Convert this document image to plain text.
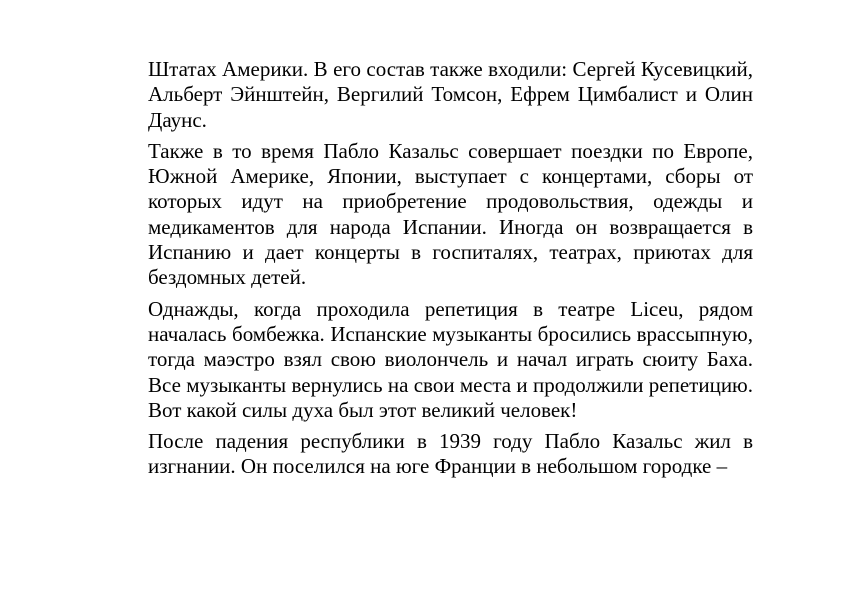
Штатах Америки. В его состав также входили: Сергей Кусевицкий, Альберт Эйнштейн, Вергилий Томсон, Ефрем Цимбалист и Олин Даунс.

Также в то время Пабло Казальс совершает поездки по Европе, Южной Америке, Японии, выступает с концертами, сборы от которых идут на приобретение продовольствия, одежды и медикаментов для народа Испании. Иногда он возвращается в Испанию и дает концерты в госпиталях, театрах, приютах для бездомных детей.

Однажды, когда проходила репетиция в театре Liceu, рядом началась бомбежка. Испанские музыканты бросились врассыпную, тогда маэстро взял свою виолончель и начал играть сюиту Баха. Все музыканты вернулись на свои места и продолжили репетицию. Вот какой силы духа был этот великий человек!

После падения республики в 1939 году Пабло Казальс жил в изгнании. Он поселился на юге Франции в небольшом городке –
